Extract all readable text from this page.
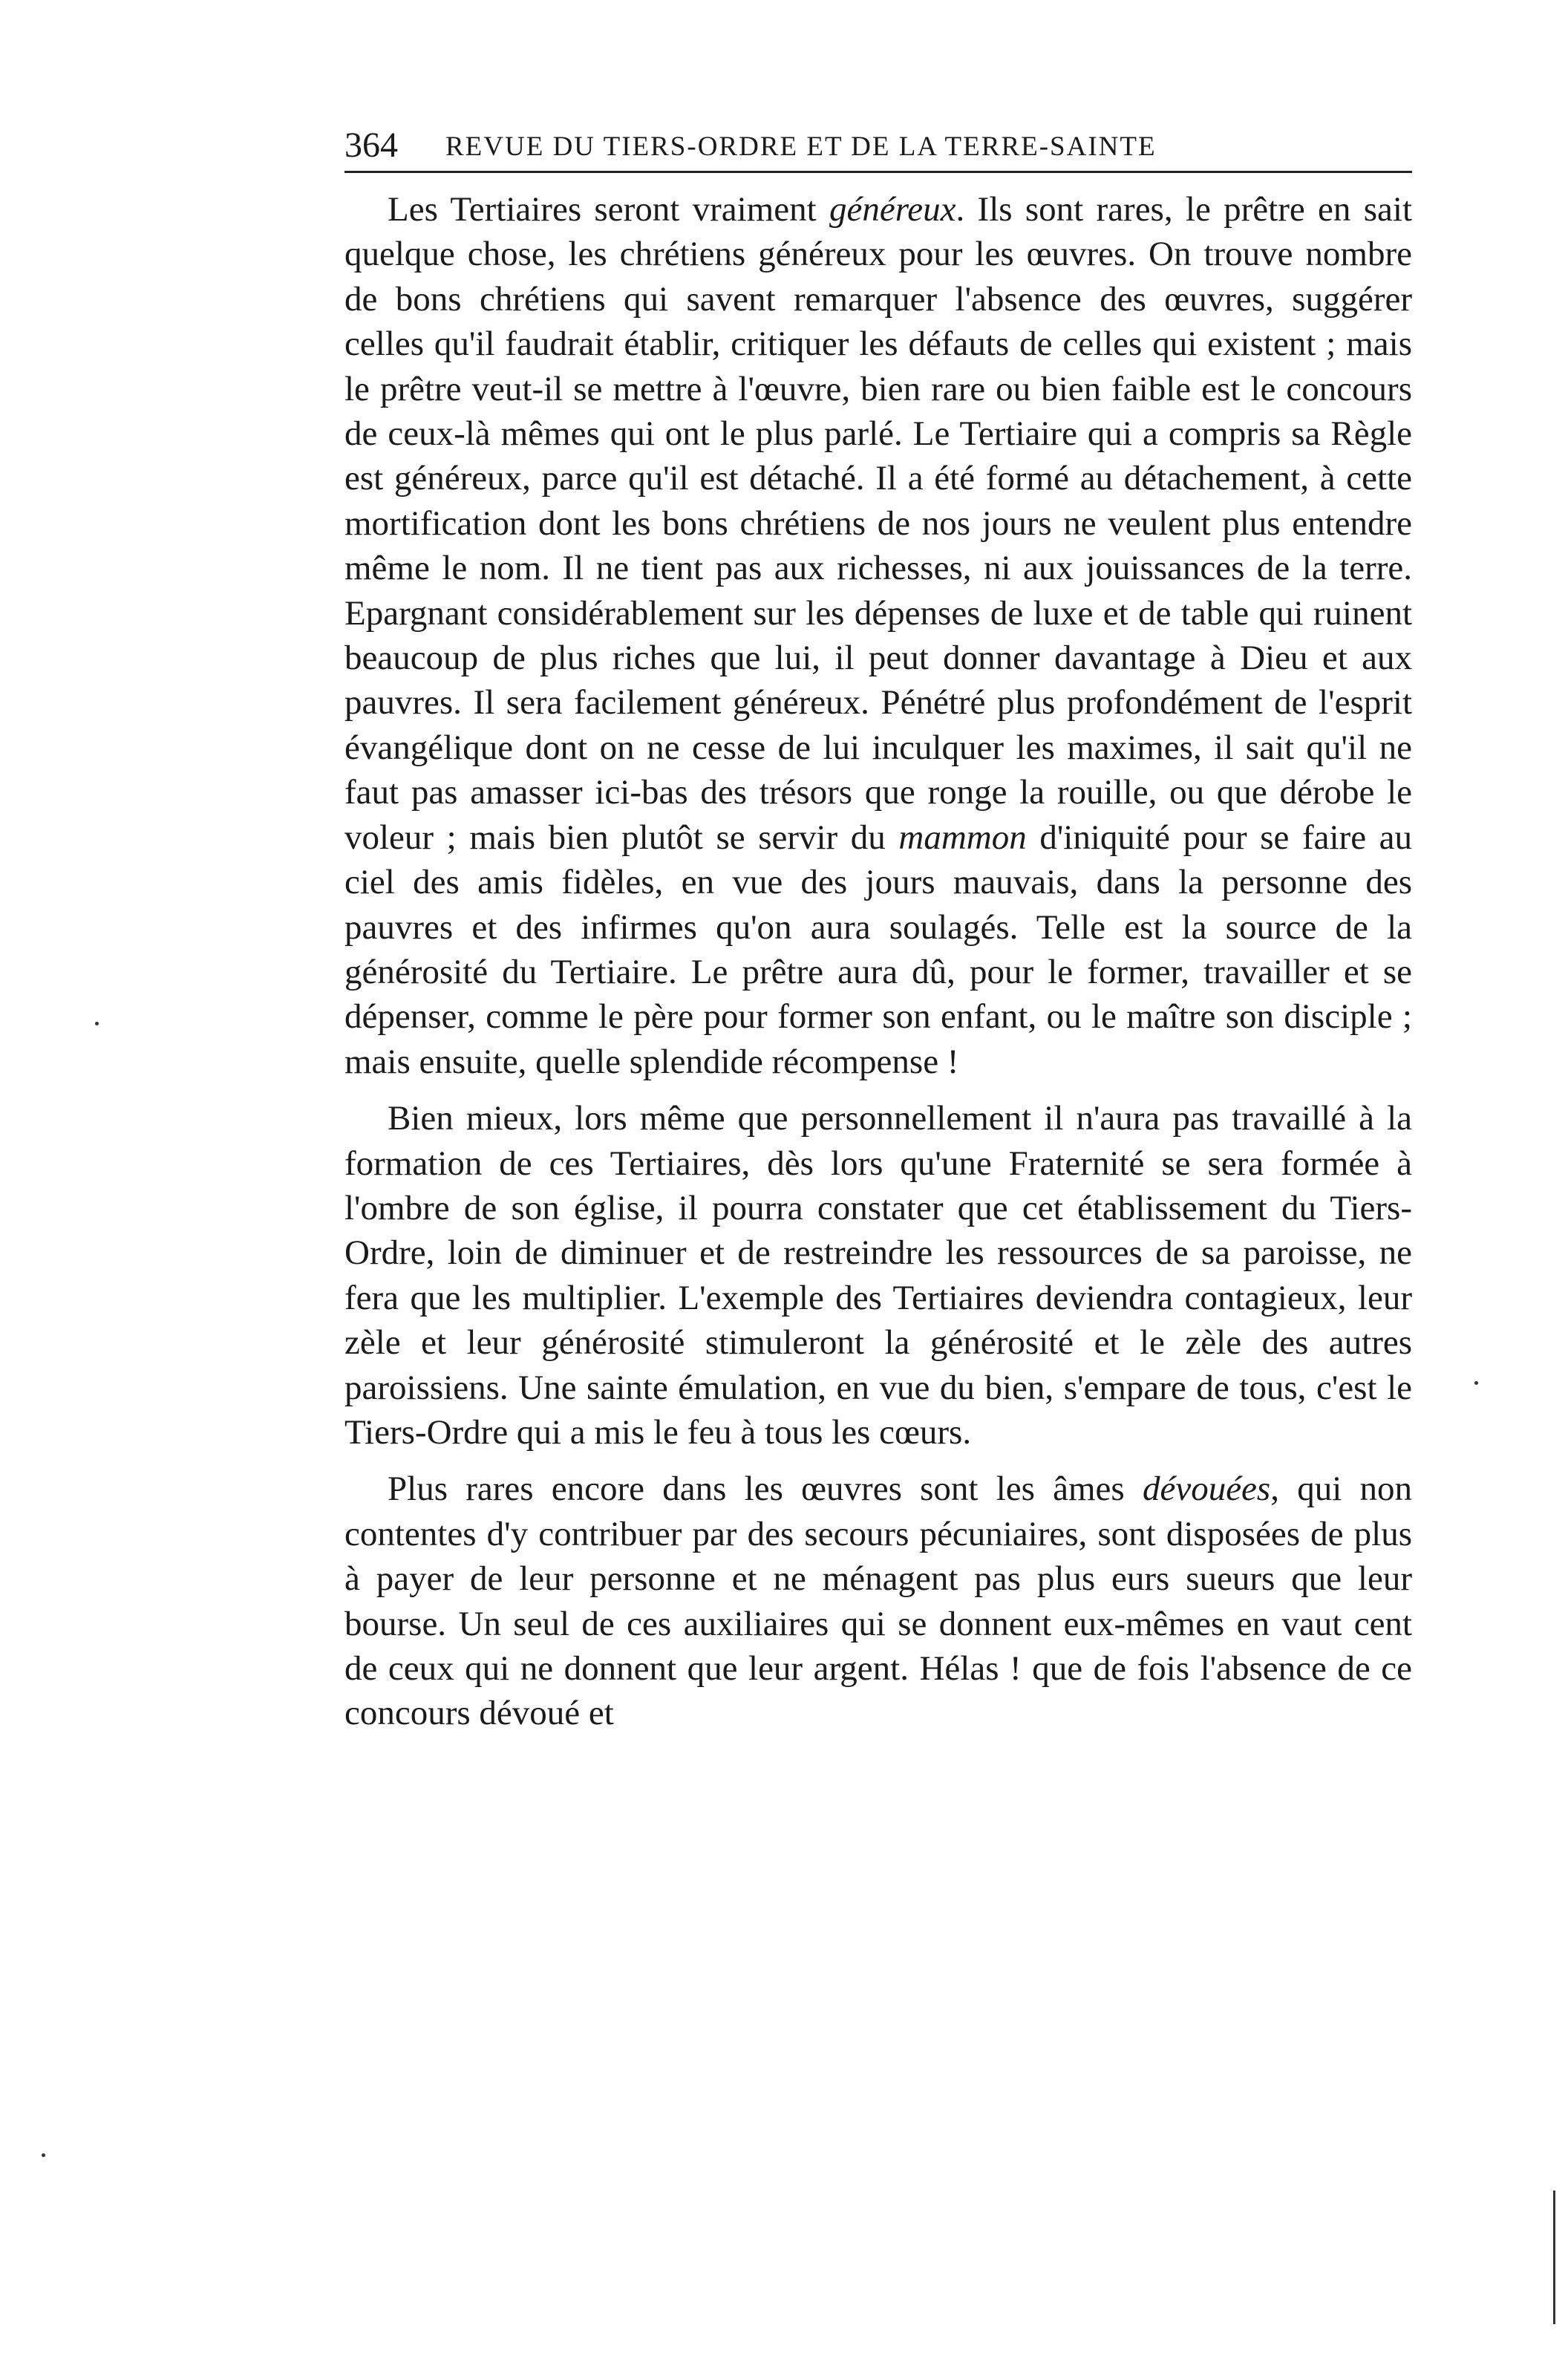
364 REVUE DU TIERS-ORDRE ET DE LA TERRE-SAINTE

Les Tertiaires seront vraiment généreux. Ils sont rares, le prêtre en sait quelque chose, les chrétiens généreux pour les œuvres. On trouve nombre de bons chrétiens qui savent remarquer l'absence des œuvres, suggérer celles qu'il faudrait établir, critiquer les défauts de celles qui existent ; mais le prêtre veut-il se mettre à l'œuvre, bien rare ou bien faible est le concours de ceux-là mêmes qui ont le plus parlé. Le Tertiaire qui a compris sa Règle est généreux, parce qu'il est détaché. Il a été formé au détachement, à cette mortification dont les bons chrétiens de nos jours ne veulent plus entendre même le nom. Il ne tient pas aux richesses, ni aux jouissances de la terre. Epargnant considérablement sur les dépenses de luxe et de table qui ruinent beaucoup de plus riches que lui, il peut donner davantage à Dieu et aux pauvres. Il sera facilement généreux. Pénétré plus profondément de l'esprit évangélique dont on ne cesse de lui inculquer les maximes, il sait qu'il ne faut pas amasser ici-bas des trésors que ronge la rouille, ou que dérobe le voleur ; mais bien plutôt se servir du mammon d'iniquité pour se faire au ciel des amis fidèles, en vue des jours mauvais, dans la personne des pauvres et des infirmes qu'on aura soulagés. Telle est la source de la générosité du Tertiaire. Le prêtre aura dû, pour le former, travailler et se dépenser, comme le père pour former son enfant, ou le maître son disciple ; mais ensuite, quelle splendide récompense !

Bien mieux, lors même que personnellement il n'aura pas travaillé à la formation de ces Tertiaires, dès lors qu'une Fraternité se sera formée à l'ombre de son église, il pourra constater que cet établissement du Tiers-Ordre, loin de diminuer et de restreindre les ressources de sa paroisse, ne fera que les multiplier. L'exemple des Tertiaires deviendra contagieux, leur zèle et leur générosité stimuleront la générosité et le zèle des autres paroissiens. Une sainte émulation, en vue du bien, s'empare de tous, c'est le Tiers-Ordre qui a mis le feu à tous les cœurs.

Plus rares encore dans les œuvres sont les âmes dévouées, qui non contentes d'y contribuer par des secours pécuniaires, sont disposées de plus à payer de leur personne et ne ménagent pas plus eurs sueurs que leur bourse. Un seul de ces auxiliaires qui se donnent eux-mêmes en vaut cent de ceux qui ne donnent que leur argent. Hélas ! que de fois l'absence de ce concours dévoué et
